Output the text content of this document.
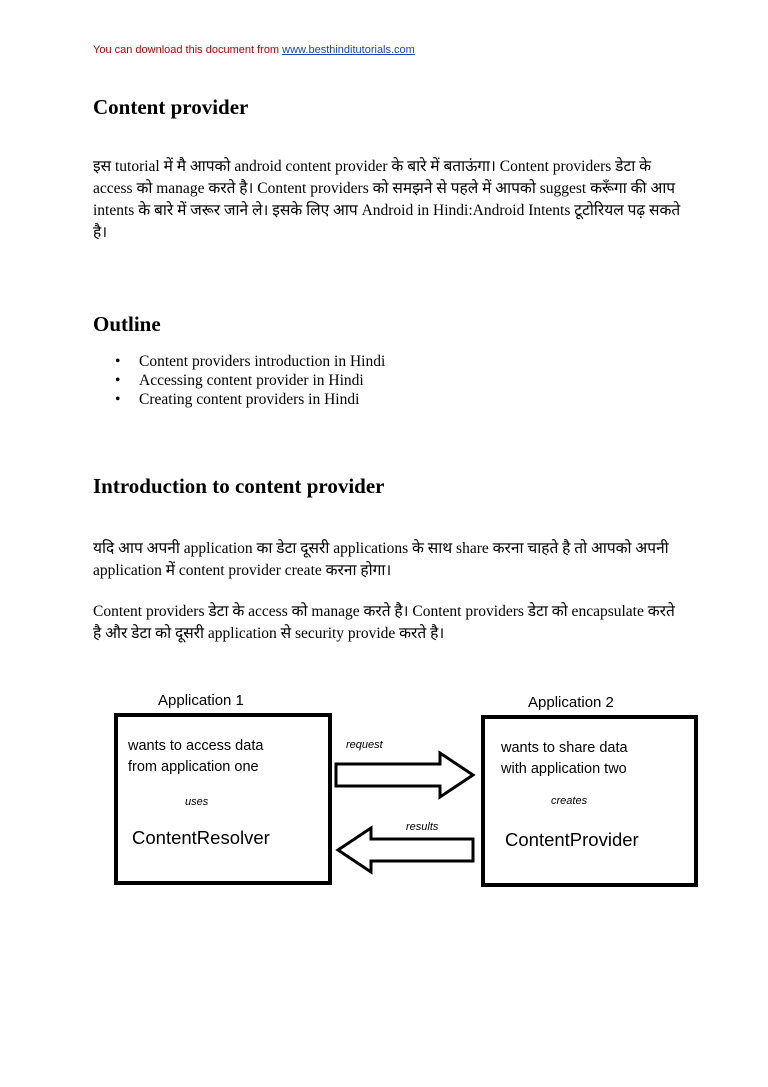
You can download this document from www.besthinditutorials.com
Content provider

इस tutorial में मै आपको android content provider के बारे में बताऊंगा। Content providers डेटा के access को manage करते है। Content providers को समझने से पहले में आपको suggest करूँगा की आप intents के बारे में जरूर जाने ले। इसके लिए आप Android in Hindi:Android Intents टूटोरियल पढ़ सकते है।

Outline
• Content providers introduction in Hindi
• Accessing content provider in Hindi
• Creating content providers in Hindi
Introduction to content provider

यदि आप अपनी application का डेटा दूसरी applications के साथ share करना चाहते है तो आपको अपनी application में content provider create करना होगा।

Content providers डेटा के access को manage करते है। Content providers डेटा को encapsulate करते है और डेटा को दूसरी application से security provide करते है।

Application 1
wants to access data
from application one
uses
ContentResolver
request
results
Application 2
wants to share data
with application two
creates
ContentProvider
